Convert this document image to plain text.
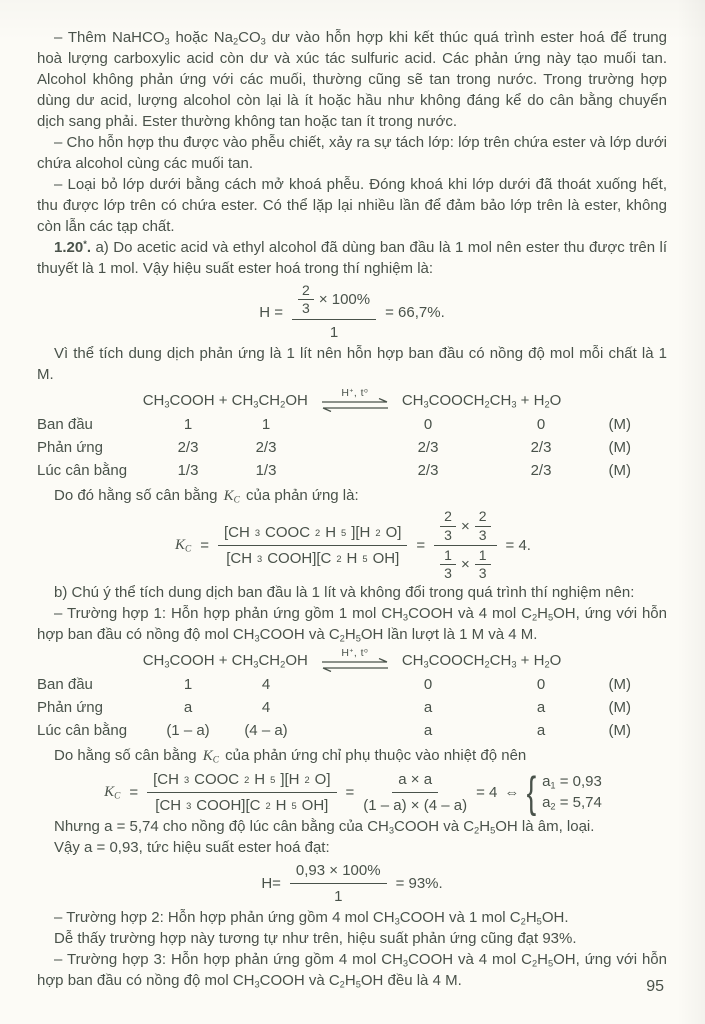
– Thêm NaHCO$_3$ hoặc $Na_2CO_3$ dư vào hỗn hợp khi kết thúc quá trình ester hoá để trung hoà lượng carboxylic acid còn dư và xúc tác sulfuric acid. Các phản ứng này tạo muối tan. Alcohol không phản ứng với các muối, thường cũng sẽ tan trong nước. Trong trường hợp dùng dư acid, lượng alcohol còn lại là ít hoặc hầu như không đáng kể do cân bằng chuyển dịch sang phải. Ester thường không tan hoặc tan ít trong nước.

– Cho hỗn hợp thu được vào phễu chiết, xảy ra sự tách lớp: lớp trên chứa ester và lớp dưới chứa alcohol cùng các muối tan.

– Loại bỏ lớp dưới bằng cách mở khoá phễu. Đóng khoá khi lớp dưới đã thoát xuống hết, thu được lớp trên có chứa ester. Có thể lặp lại nhiều lần để đảm bảo lớp trên là ester, không còn lẫn các tạp chất.

1.20*. a) Do acetic acid và ethyl alcohol đã dùng ban đầu là 1 mol nên ester thu được trên lí thuyết là 1 mol. Vậy hiệu suất ester hoá trong thí nghiệm là:

$H = \frac{\frac{2}{3} \times 100\%}{1} = 66,7\%$.

Vì thể tích dung dịch phản ứng là 1 lít nên hỗn hợp ban đầu có nồng độ mol mỗi chất là 1 M.

$CH_3COOH + CH_3CH_2OH$	H+, $t^o$
$CH_3COOCH_2CH_3 + H_2O$
Ban đầu	1	1	0	0	(M)
Phản ứng	2/3	2/3	2/3	2/3	(M)
Lúc cân bằng	1/3	1/3	2/3	2/3	(M)

Do đó hằng số cân bằng $K_C$ của phản ứng là:

$K_C = \frac{\text{[CH 3 COOC 2 H 5 ][H 2 O]}}{\text{[CH 3 COOH][C 2 H 5 OH]}} = \frac{\frac{2}{3} \times \frac{2}{3}}{\frac{1}{3} \times \frac{1}{3}} = 4$.

b) Chú ý thể tích dung dịch ban đầu là 1 lít và không đổi trong quá trình thí nghiệm nên:

– Trường hợp 1: Hỗn hợp phản ứng gồm 1 mol $CH_3COOH$ và 4 mol $C_2H_5OH$, ứng với hỗn hợp ban đầu có nồng độ mol $CH_3COOH$ và $C_2H_5OH$ lần lượt là 1 M và 4 M.

$CH_3COOH + CH_3CH_2OH$	H+, $t^o$
$CH_3COOCH_2CH_3 + H_2O$
Ban đầu	1	4	0	0	(M)
Phản ứng	a	4	a	a	(M)
Lúc cân bằng	(1 – a)	(4 – a)	a	a	(M)

Do hằng số cân bằng $K_C$ của phản ứng chỉ phụ thuộc vào nhiệt độ nên

$K_C = \frac{\text{[CH 3 COOC 2 H 5 ][H 2 O]}}{\text{[CH 3 COOH][C 2 H 5 OH]}} = \frac{a \times a}{(1 - a) \times (4 - a)} = 4$ ⇔ { $a_1 = 0,93$
$a_2 = 5,74$

Nhưng a = 5,74 cho nồng độ lúc cân bằng của $CH_3COOH$ và $C_2H_5OH$ là âm, loại.

Vậy a = 0,93, tức hiệu suất ester hoá đạt:

$H= \frac{0,93 \times 100\%}{1} = 93\%$.

– Trường hợp 2: Hỗn hợp phản ứng gồm 4 mol $CH_3COOH$ và 1 mol $C_2H_5OH$.

Dễ thấy trường hợp này tương tự như trên, hiệu suất phản ứng cũng đạt 93%.

– Trường hợp 3: Hỗn hợp phản ứng gồm 4 mol $CH_3COOH$ và 4 mol $C_2H_5OH$, ứng với hỗn hợp ban đầu có nồng độ mol $CH_3COOH$ và $C_2H_5OH$ đều là 4 M.	95
